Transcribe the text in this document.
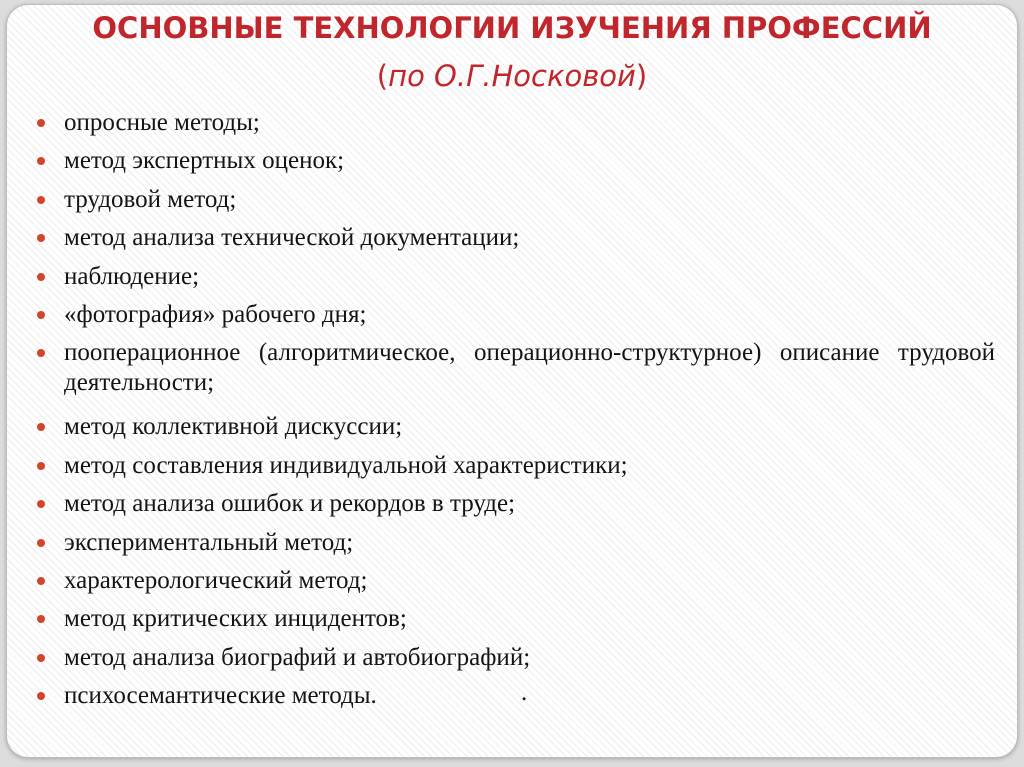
ОСНОВНЫЕ ТЕХНОЛОГИИ ИЗУЧЕНИЯ ПРОФЕССИЙ

(по О.Г.Носковой)

опросные методы;
метод экспертных оценок;
трудовой метод;
метод анализа технической документации;
наблюдение;
«фотография» рабочего дня;
пооперационное (алгоритмическое, операционно-структурное) описание трудовой деятельности;
метод коллективной дискуссии;
метод составления индивидуальной характеристики;
метод анализа ошибок и рекордов в труде;
экспериментальный метод;
характерологический метод;
метод критических инцидентов;
метод анализа биографий и автобиографий;
психосемантические методы.	.
